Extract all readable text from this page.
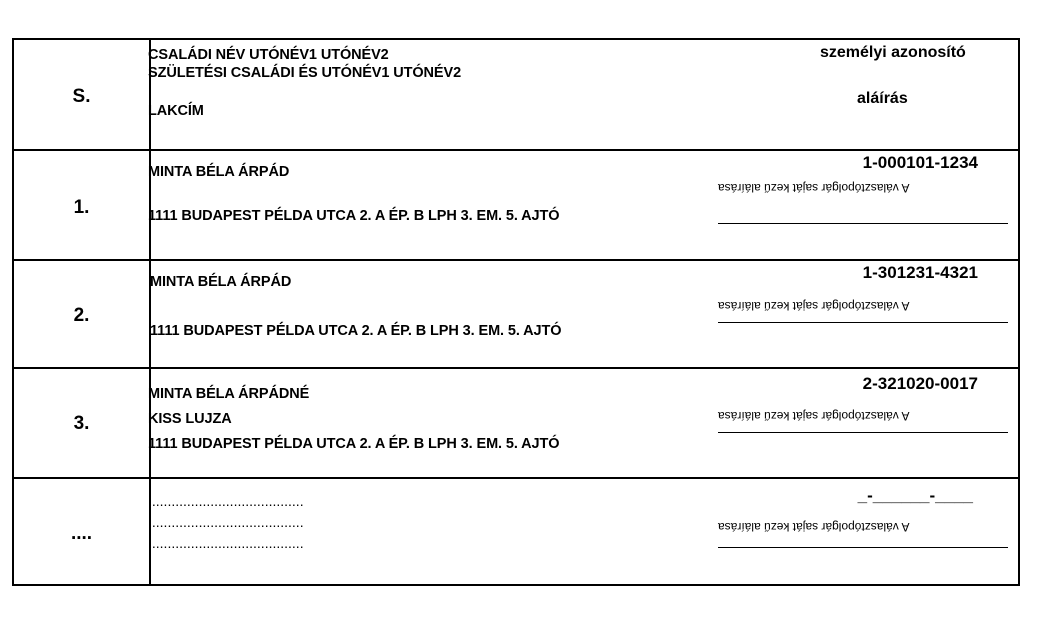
S.
CSALÁDI NÉV UTÓNÉV1 UTÓNÉV2
SZÜLETÉSI CSALÁDI ÉS UTÓNÉV1 UTÓNÉV2
LAKCÍM
személyi azonosító
aláírás
1.
MINTA BÉLA ÁRPÁD
1111 BUDAPEST PÉLDA UTCA 2. A ÉP. B LPH 3. EM. 5. AJTÓ
1-000101-1234
A választópolgár saját kezű aláírása
2.
MINTA BÉLA ÁRPÁD
1111 BUDAPEST PÉLDA UTCA 2. A ÉP. B LPH 3. EM. 5. AJTÓ
1-301231-4321
A választópolgár saját kezű aláírása
3.
MINTA BÉLA ÁRPÁDNÉ
KISS LUJZA
1111 BUDAPEST PÉLDA UTCA 2. A ÉP. B LPH 3. EM. 5. AJTÓ
2-321020-0017
A választópolgár saját kezű aláírása
....
........................................
........................................
........................................
_-______-____
A választópolgár saját kezű aláírása
